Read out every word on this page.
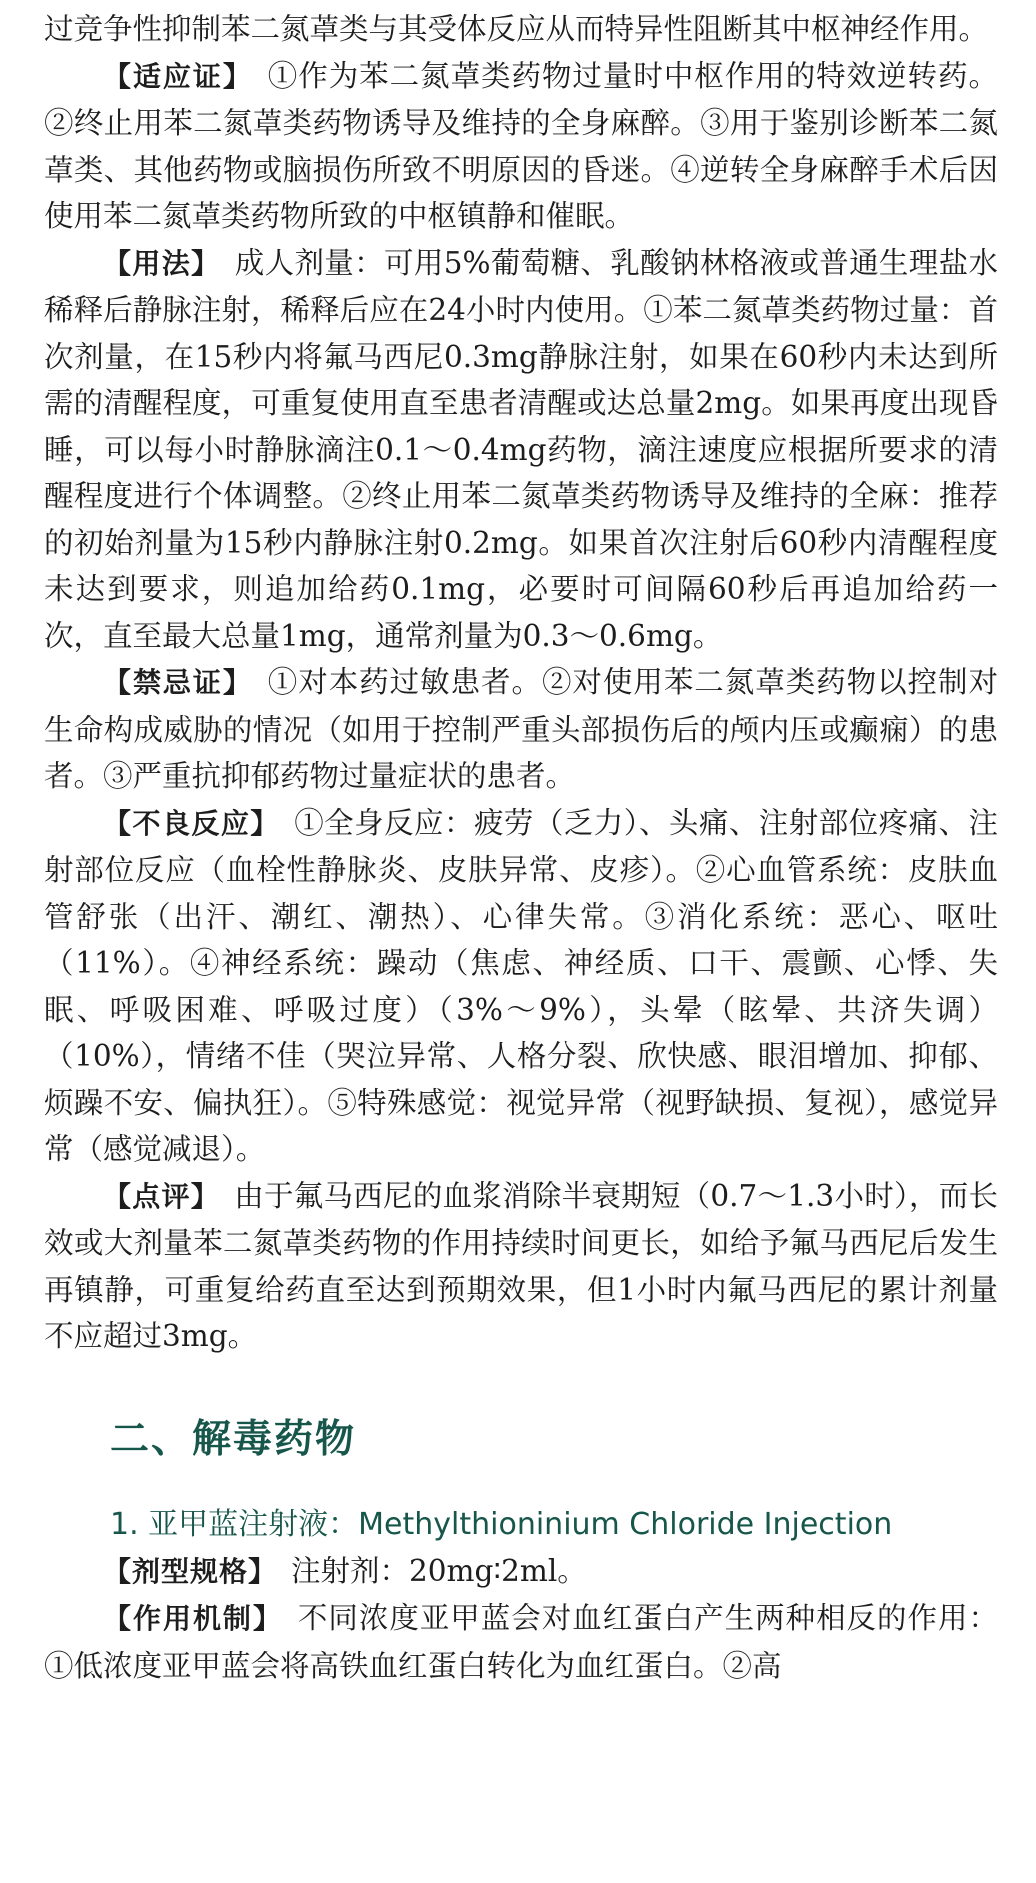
过竞争性抑制苯二氮䓬类与其受体反应从而特异性阻断其中枢神经作用。

【适应证】 ①作为苯二氮䓬类药物过量时中枢作用的特效逆转药。②终止用苯二氮䓬类药物诱导及维持的全身麻醉。③用于鉴别诊断苯二氮䓬类、其他药物或脑损伤所致不明原因的昏迷。④逆转全身麻醉手术后因使用苯二氮䓬类药物所致的中枢镇静和催眠。

【用法】 成人剂量：可用5%葡萄糖、乳酸钠林格液或普通生理盐水稀释后静脉注射，稀释后应在24小时内使用。①苯二氮䓬类药物过量：首次剂量，在15秒内将氟马西尼0.3mg静脉注射，如果在60秒内未达到所需的清醒程度，可重复使用直至患者清醒或达总量2mg。如果再度出现昏睡，可以每小时静脉滴注0.1～0.4mg药物，滴注速度应根据所要求的清醒程度进行个体调整。②终止用苯二氮䓬类药物诱导及维持的全麻：推荐的初始剂量为15秒内静脉注射0.2mg。如果首次注射后60秒内清醒程度未达到要求，则追加给药0.1mg，必要时可间隔60秒后再追加给药一次，直至最大总量1mg，通常剂量为0.3～0.6mg。

【禁忌证】 ①对本药过敏患者。②对使用苯二氮䓬类药物以控制对生命构成威胁的情况（如用于控制严重头部损伤后的颅内压或癫痫）的患者。③严重抗抑郁药物过量症状的患者。

【不良反应】 ①全身反应：疲劳（乏力）、头痛、注射部位疼痛、注射部位反应（血栓性静脉炎、皮肤异常、皮疹）。②心血管系统：皮肤血管舒张（出汗、潮红、潮热）、心律失常。③消化系统：恶心、呕吐（11%）。④神经系统：躁动（焦虑、神经质、口干、震颤、心悸、失眠、呼吸困难、呼吸过度）（3%～9%），头晕（眩晕、共济失调）（10%），情绪不佳（哭泣异常、人格分裂、欣快感、眼泪增加、抑郁、烦躁不安、偏执狂）。⑤特殊感觉：视觉异常（视野缺损、复视），感觉异常（感觉减退）。

【点评】 由于氟马西尼的血浆消除半衰期短（0.7～1.3小时），而长效或大剂量苯二氮䓬类药物的作用持续时间更长，如给予氟马西尼后发生再镇静，可重复给药直至达到预期效果，但1小时内氟马西尼的累计剂量不应超过3mg。

二、解毒药物
1. 亚甲蓝注射液：Methylthioninium Chloride Injection

【剂型规格】 注射剂：20mg∶2ml。

【作用机制】 不同浓度亚甲蓝会对血红蛋白产生两种相反的作用：①低浓度亚甲蓝会将高铁血红蛋白转化为血红蛋白。②高
